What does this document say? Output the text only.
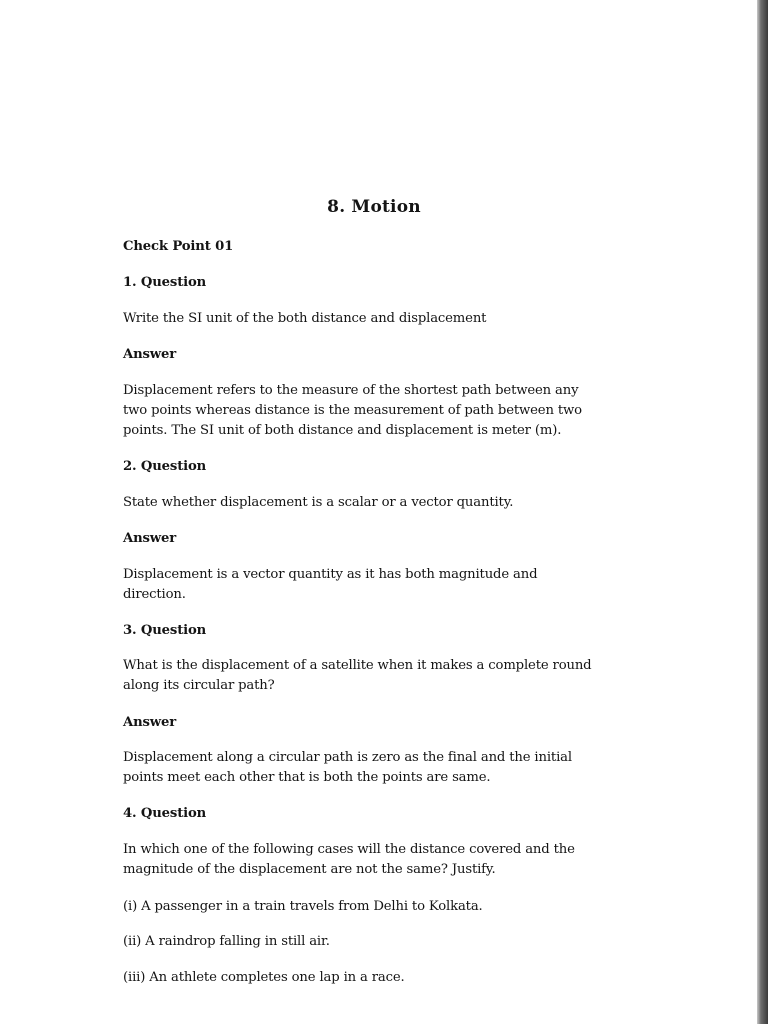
8. Motion
Check Point 01
1. Question
Write the SI unit of the both distance and displacement
Answer
Displacement refers to the measure of the shortest path between any
two points whereas distance is the measurement of path between two
points. The SI unit of both distance and displacement is meter (m).
2. Question
State whether displacement is a scalar or a vector quantity.
Answer
Displacement is a vector quantity as it has both magnitude and
direction.
3. Question
What is the displacement of a satellite when it makes a complete round
along its circular path?
Answer
Displacement along a circular path is zero as the final and the initial
points meet each other that is both the points are same.
4. Question
In which one of the following cases will the distance covered and the
magnitude of the displacement are not the same? Justify.
(i) A passenger in a train travels from Delhi to Kolkata.
(ii) A raindrop falling in still air.
(iii) An athlete completes one lap in a race.
